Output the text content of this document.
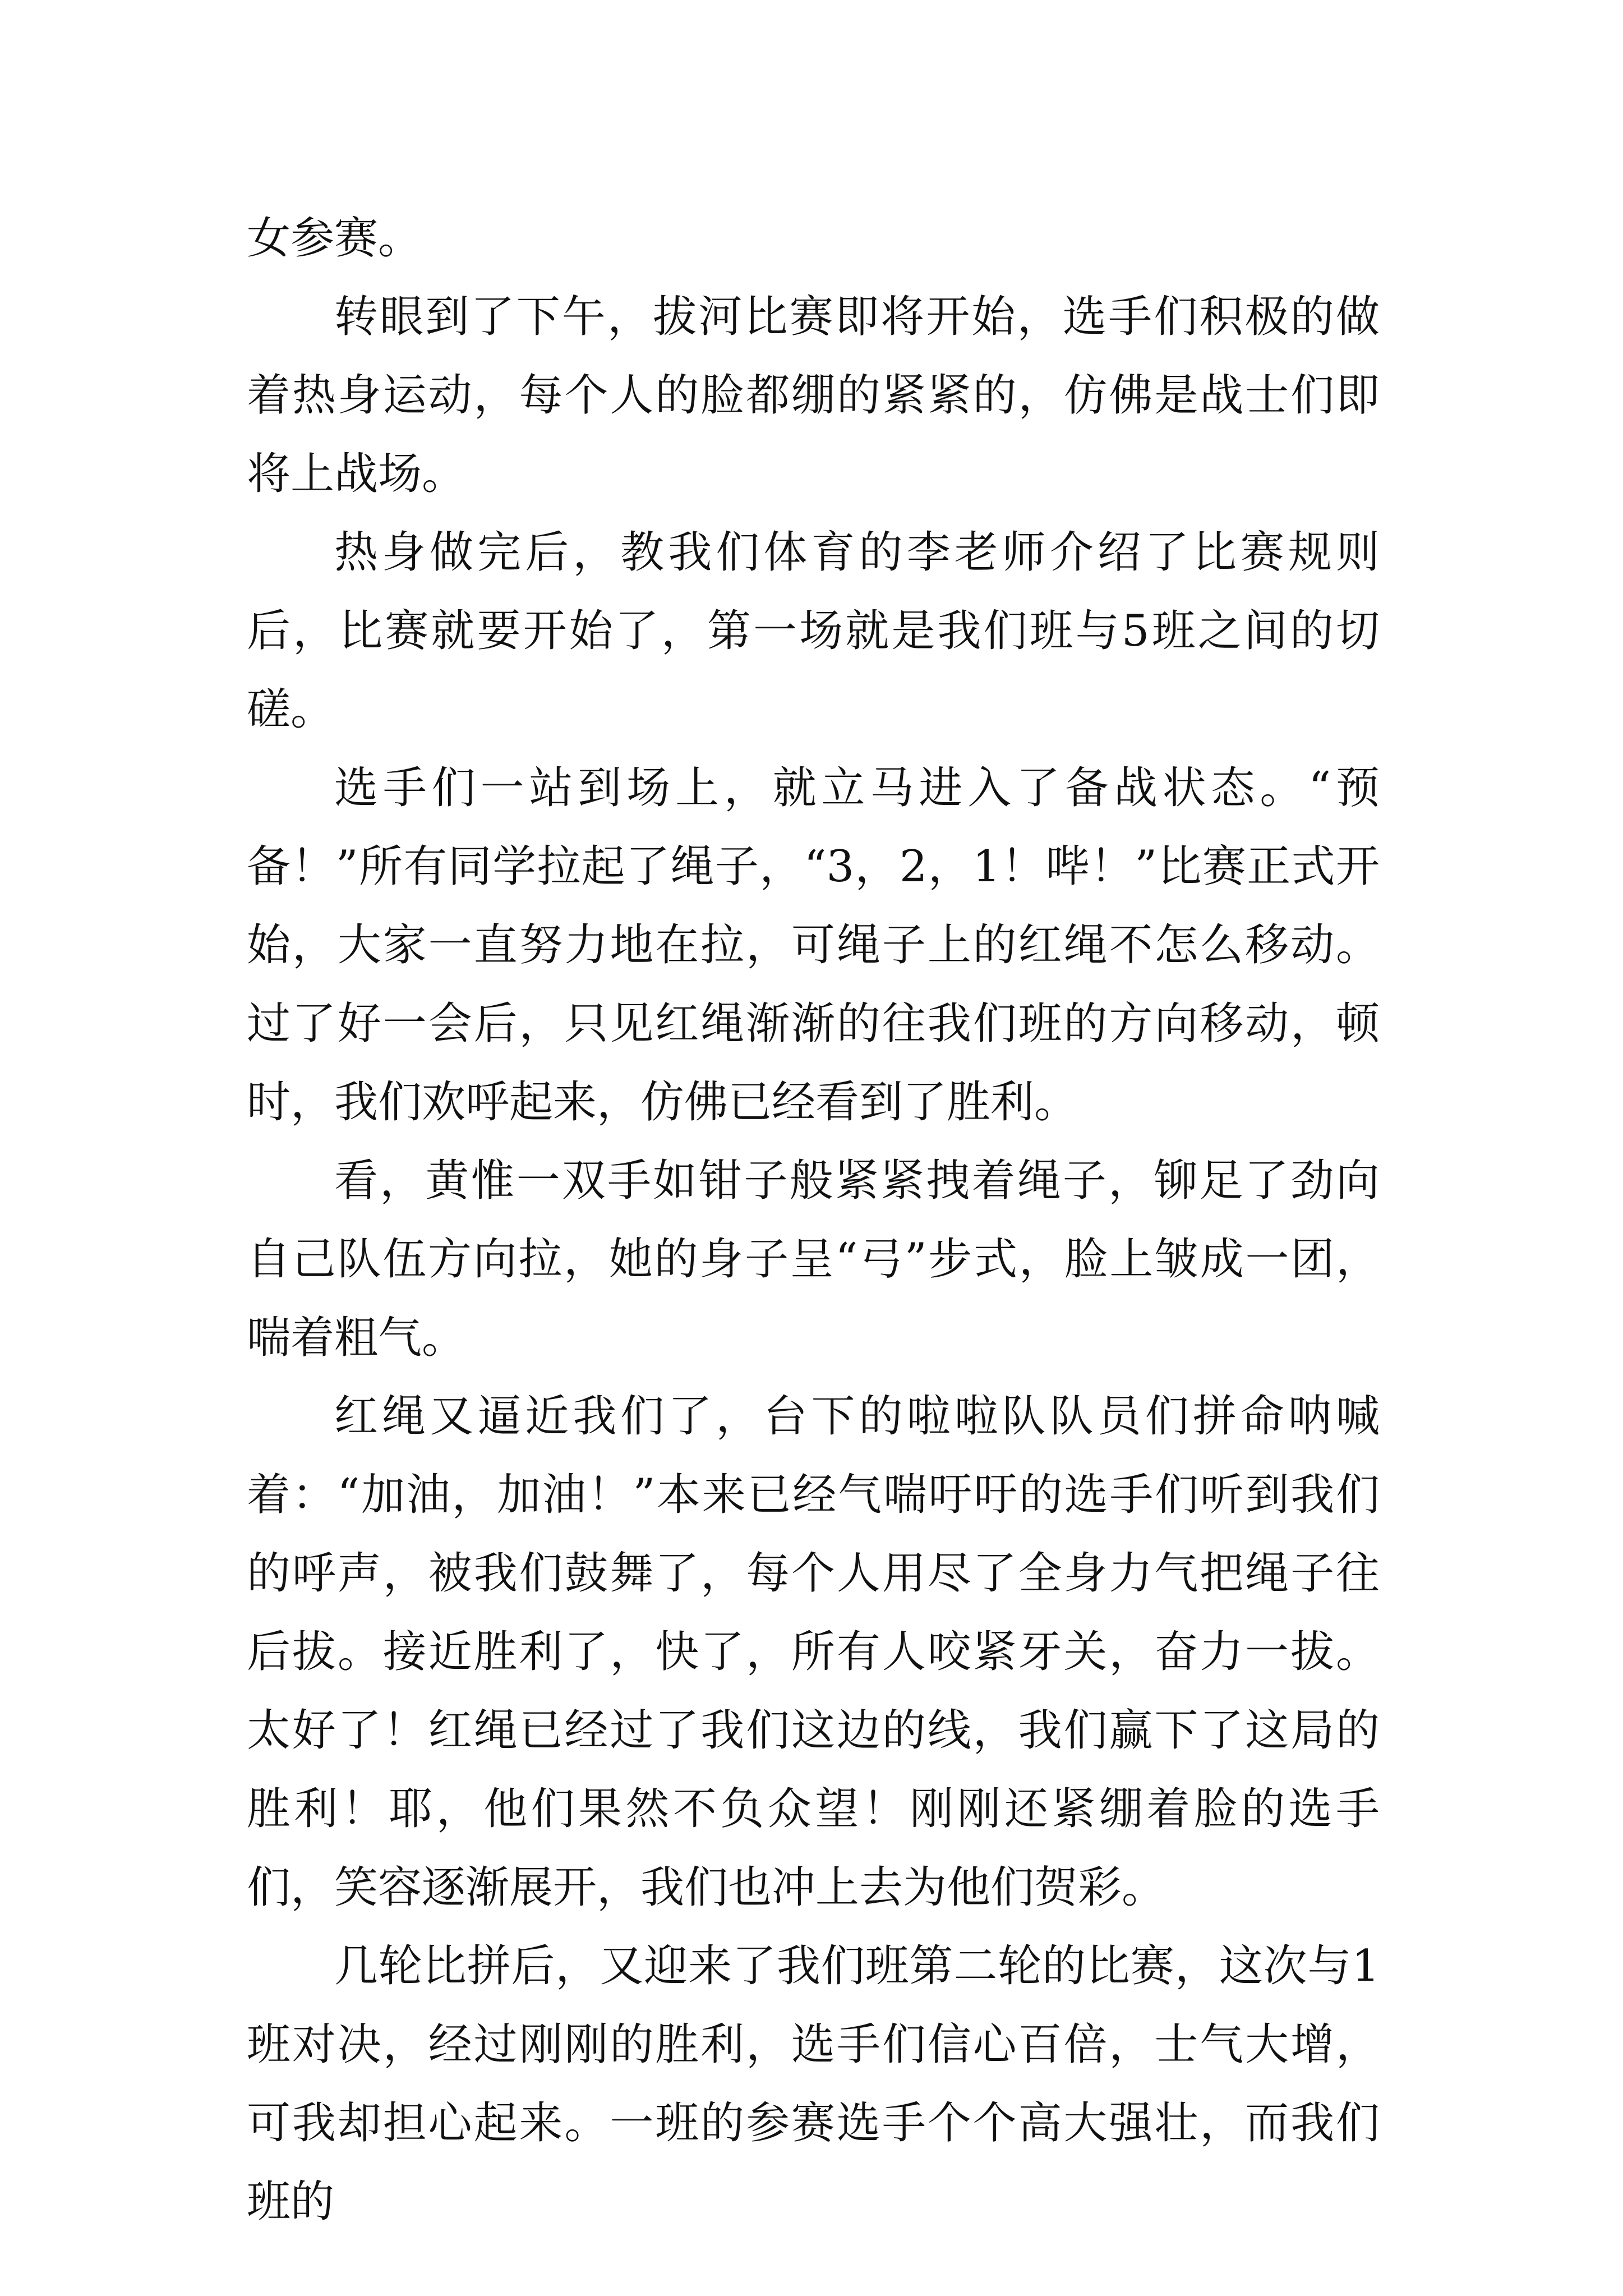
女参赛。

转眼到了下午，拔河比赛即将开始，选手们积极的做着热身运动，每个人的脸都绷的紧紧的，仿佛是战士们即将上战场。

热身做完后，教我们体育的李老师介绍了比赛规则后，比赛就要开始了，第一场就是我们班与5班之间的切磋。

选手们一站到场上，就立马进入了备战状态。“预备！”所有同学拉起了绳子，“3，2，1！哔！”比赛正式开始，大家一直努力地在拉，可绳子上的红绳不怎么移动。过了好一会后，只见红绳渐渐的往我们班的方向移动，顿时，我们欢呼起来，仿佛已经看到了胜利。

看，黄惟一双手如钳子般紧紧拽着绳子，铆足了劲向自己队伍方向拉，她的身子呈“弓”步式，脸上皱成一团，喘着粗气。

红绳又逼近我们了，台下的啦啦队队员们拼命呐喊着：“加油，加油！”本来已经气喘吁吁的选手们听到我们的呼声，被我们鼓舞了，每个人用尽了全身力气把绳子往后拔。接近胜利了，快了，所有人咬紧牙关，奋力一拔。太好了！红绳已经过了我们这边的线，我们赢下了这局的胜利！耶，他们果然不负众望！刚刚还紧绷着脸的选手们，笑容逐渐展开，我们也冲上去为他们贺彩。

几轮比拼后，又迎来了我们班第二轮的比赛，这次与1班对决，经过刚刚的胜利，选手们信心百倍，士气大增，可我却担心起来。一班的参赛选手个个高大强壮，而我们班的
